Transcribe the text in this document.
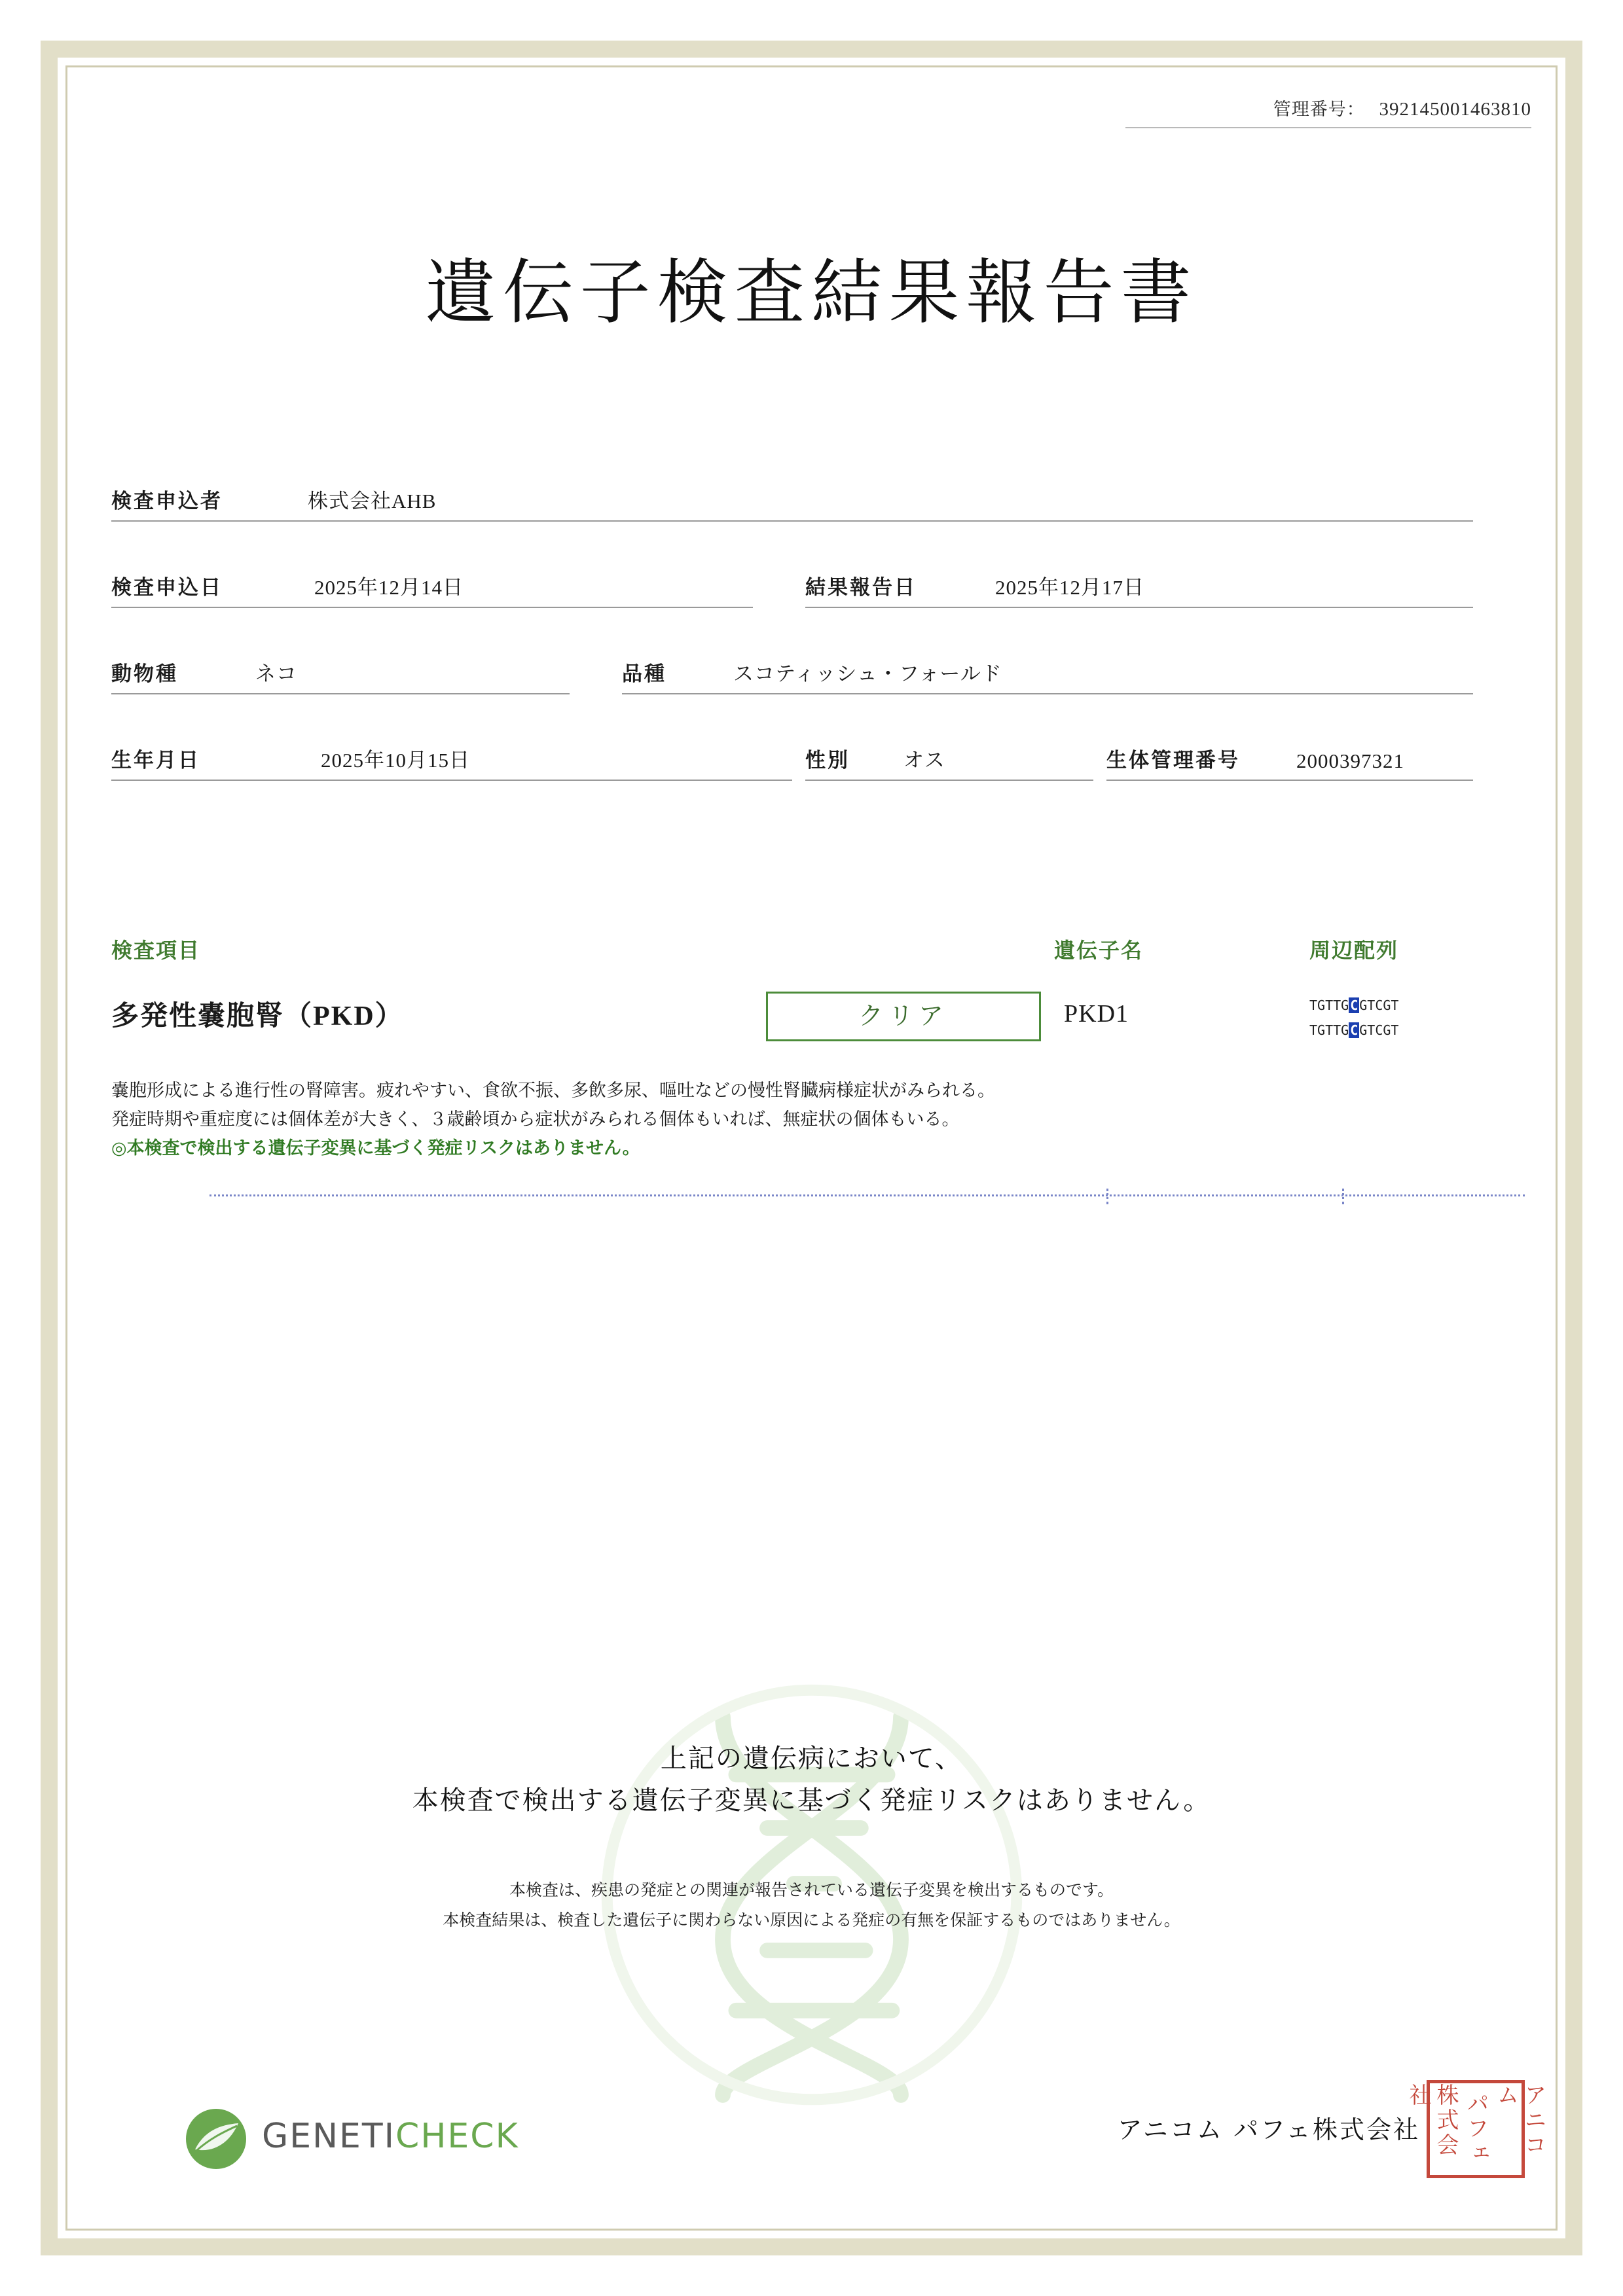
管理番号： 392145001463810
遺伝子検査結果報告書
検査申込者	株式会社AHB
検査申込日	2025年12月14日	結果報告日	2025年12月17日
動物種	ネコ	品種	スコティッシュ・フォールド
生年月日	2025年10月15日	性別	オス	生体管理番号	2000397321
検査項目	遺伝子名	周辺配列
多発性嚢胞腎（PKD）	クリア	PKD1	TGTTG C GTCGT
TGTTG C GTCGT
嚢胞形成による進行性の腎障害。疲れやすい、食欲不振、多飲多尿、嘔吐などの慢性腎臓病様症状がみられる。
発症時期や重症度には個体差が大きく、３歳齢頃から症状がみられる個体もいれば、無症状の個体もいる。
◎本検査で検出する遺伝子変異に基づく発症リスクはありません。
上記の遺伝病において、
本検査で検出する遺伝子変異に基づく発症リスクはありません。
本検査は、疾患の発症との関連が報告されている遺伝子変異を検出するものです。
本検査結果は、検査した遺伝子に関わらない原因による発症の有無を保証するものではありません。
GENETICHECK	アニコム パフェ株式会社	アニコム
パフェ
株式会社
